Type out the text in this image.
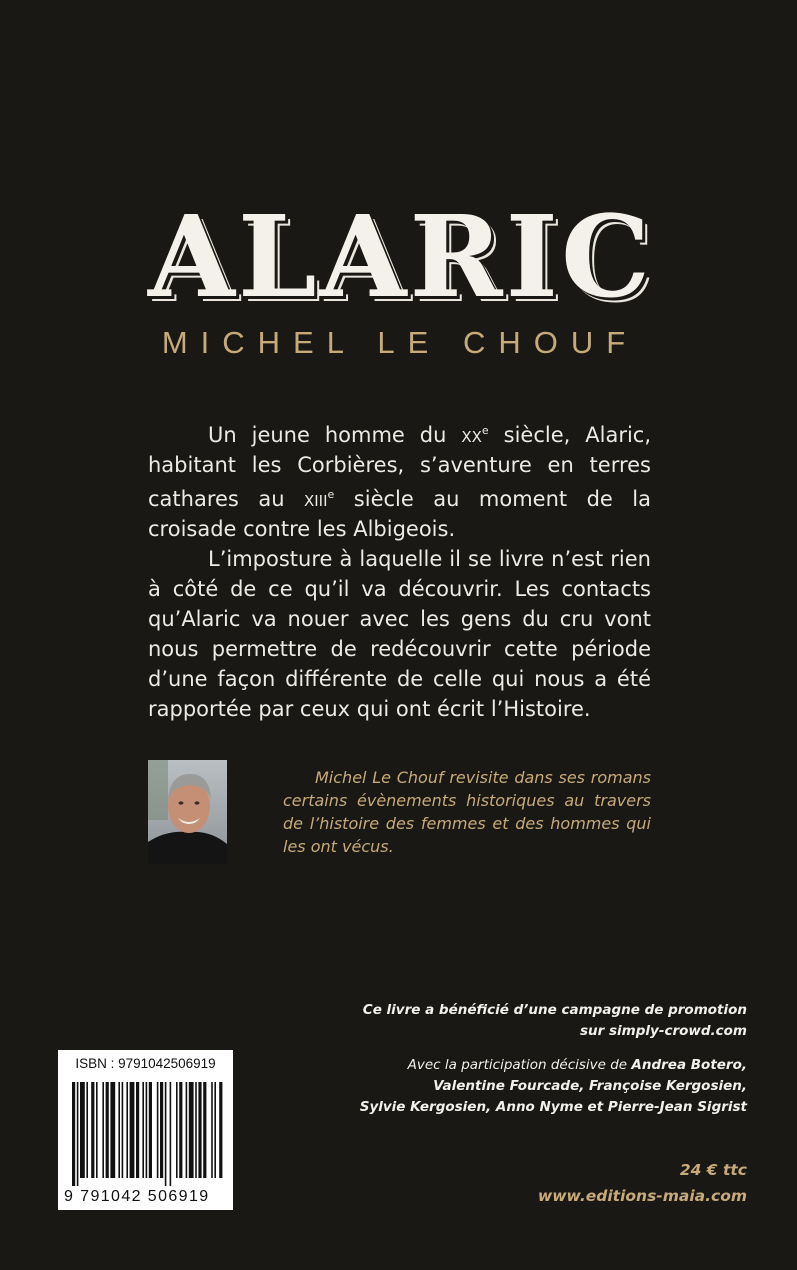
ALARIC
MICHEL LE CHOUF

Un jeune homme du $xx^e$ siècle, Alaric, habitant les Corbières, s’aventure en terres cathares au xiii$^e$ siècle au moment de la croisade contre les Albigeois.

L’imposture à laquelle il se livre n’est rien à côté de ce qu’il va découvrir. Les contacts qu’Alaric va nouer avec les gens du cru vont nous permettre de redécouvrir cette période d’une façon différente de celle qui nous a été rapportée par ceux qui ont écrit l’Histoire.

Michel Le Chouf revisite dans ses romans certains évènements historiques au travers de l’histoire des femmes et des hommes qui les ont vécus.

Ce livre a bénéficié d’une campagne de promotion

sur simply-crowd.com

Avec la participation décisive de Andrea Botero,

Valentine Fourcade, Françoise Kergosien,

Sylvie Kergosien, Anno Nyme et Pierre-Jean Sigrist

24 € ttc
www.editions-maia.com
ISBN : 9791042506919
9 791042 506919
